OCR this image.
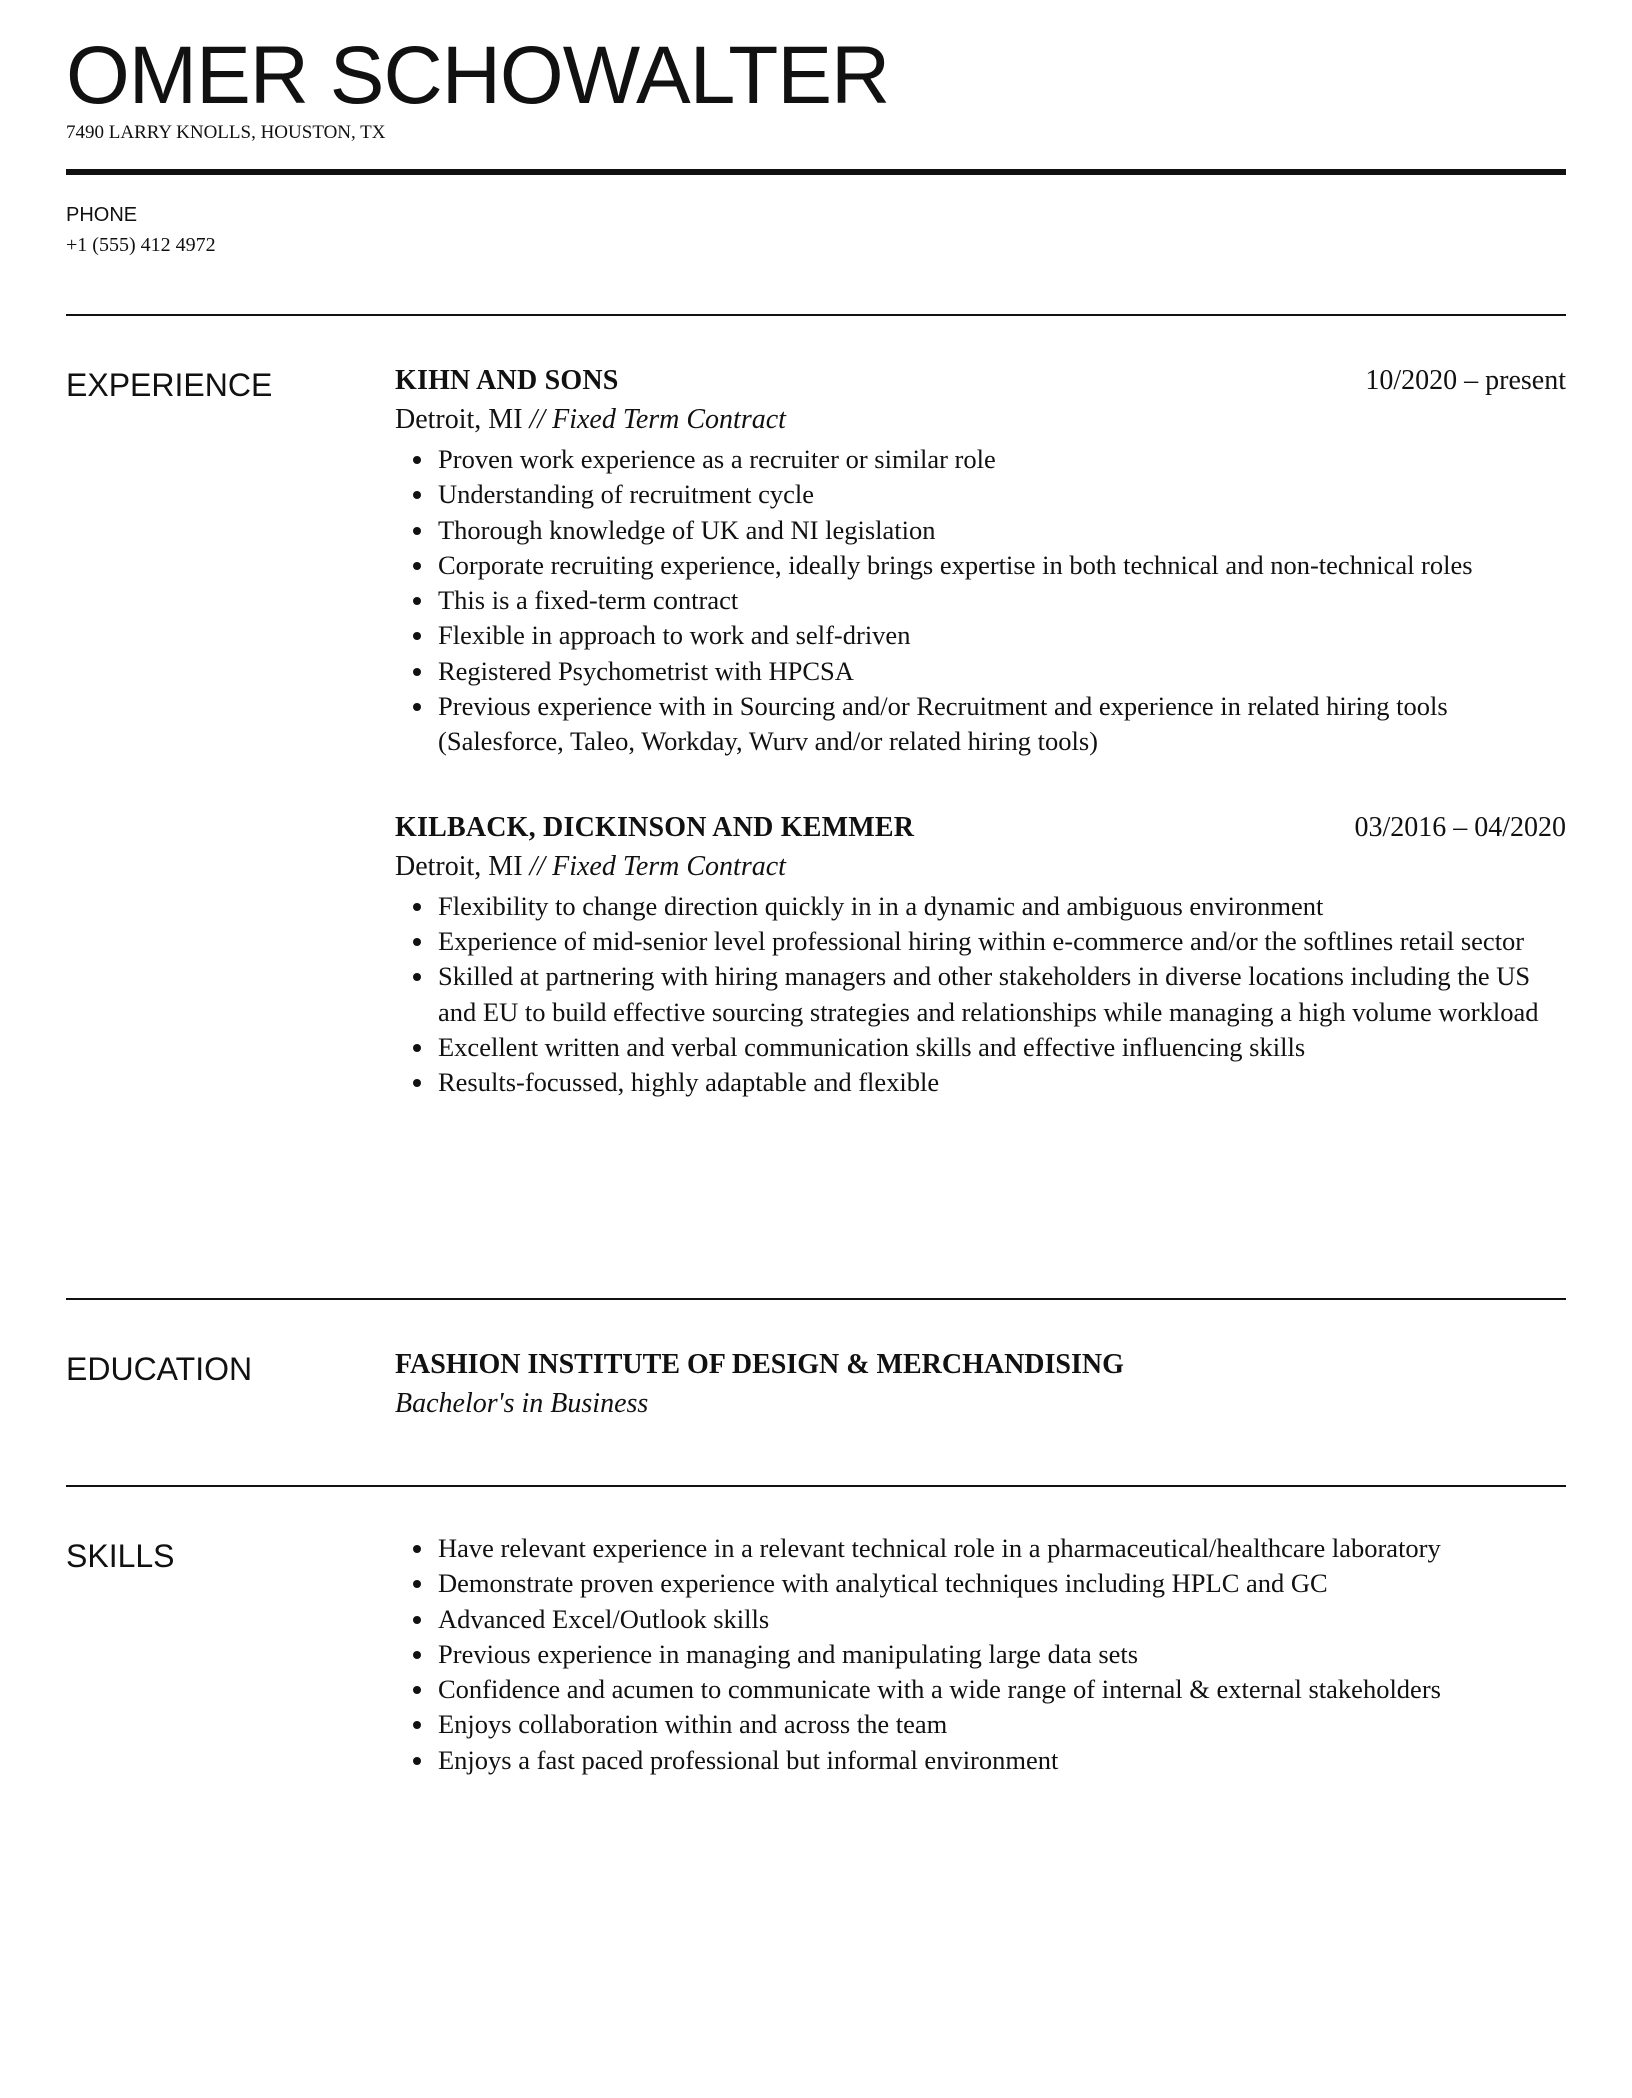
OMER SCHOWALTER
7490 LARRY KNOLLS, HOUSTON, TX
PHONE
+1 (555) 412 4972
EXPERIENCE	KIHN AND SONS	10/2020 – present
Detroit, MI // Fixed Term Contract
Proven work experience as a recruiter or similar role
Understanding of recruitment cycle
Thorough knowledge of UK and NI legislation
Corporate recruiting experience, ideally brings expertise in both technical and non-technical roles
This is a fixed-term contract
Flexible in approach to work and self-driven
Registered Psychometrist with HPCSA
Previous experience with in Sourcing and/or Recruitment and experience in related hiring tools (Salesforce, Taleo, Workday, Wurv and/or related hiring tools)
KILBACK, DICKINSON AND KEMMER	03/2016 – 04/2020
Detroit, MI // Fixed Term Contract
Flexibility to change direction quickly in in a dynamic and ambiguous environment
Experience of mid-senior level professional hiring within e-commerce and/or the softlines retail sector
Skilled at partnering with hiring managers and other stakeholders in diverse locations including the US and EU to build effective sourcing strategies and relationships while managing a high volume workload
Excellent written and verbal communication skills and effective influencing skills
Results-focussed, highly adaptable and flexible
EDUCATION	FASHION INSTITUTE OF DESIGN & MERCHANDISING
Bachelor's in Business
SKILLS	Have relevant experience in a relevant technical role in a pharmaceutical/healthcare laboratory
Demonstrate proven experience with analytical techniques including HPLC and GC
Advanced Excel/Outlook skills
Previous experience in managing and manipulating large data sets
Confidence and acumen to communicate with a wide range of internal & external stakeholders
Enjoys collaboration within and across the team
Enjoys a fast paced professional but informal environment
